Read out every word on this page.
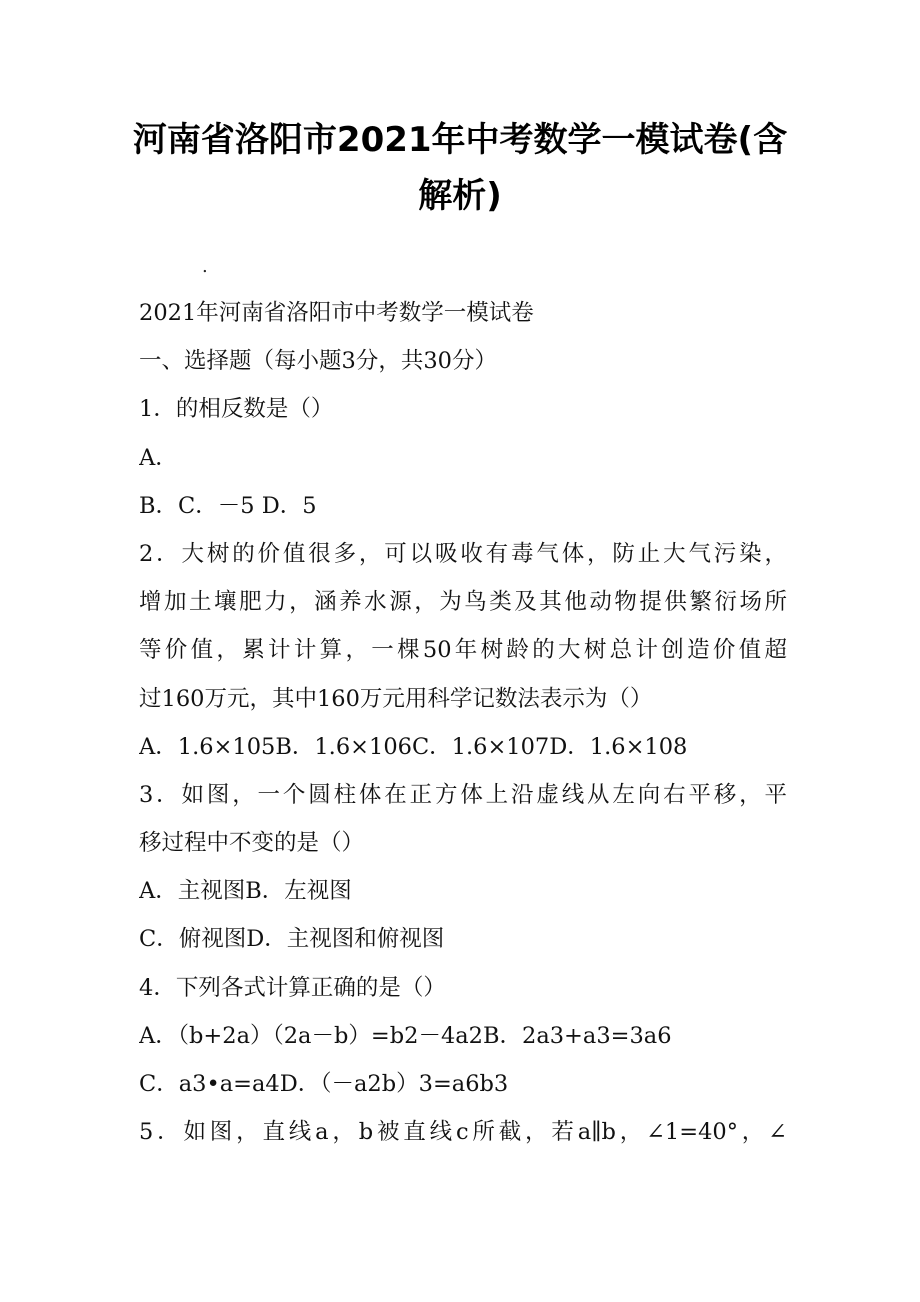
河南省洛阳市2021年中考数学一模试卷(含
解析)
.
2021年河南省洛阳市中考数学一模试卷
一、选择题（每小题3分，共30分）
1．的相反数是（）
A．
B．C．－5 D．5
2．大树的价值很多，可以吸收有毒气体，防止大气污染，
增加土壤肥力，涵养水源，为鸟类及其他动物提供繁衍场所
等价值，累计计算，一棵50年树龄的大树总计创造价值超
过160万元，其中160万元用科学记数法表示为（）
A．1.6×105B．1.6×106C．1.6×107D．1.6×108
3．如图，一个圆柱体在正方体上沿虚线从左向右平移，平
移过程中不变的是（）
A．主视图B．左视图
C．俯视图D．主视图和俯视图
4．下列各式计算正确的是（）
A．（b+2a）（2a－b）=b2－4a2B．2a3+a3=3a6
C．a3•a=a4D．（－a2b）3=a6b3
5．如图，直线a，b被直线c所截，若a∥b，∠1=40°，∠
